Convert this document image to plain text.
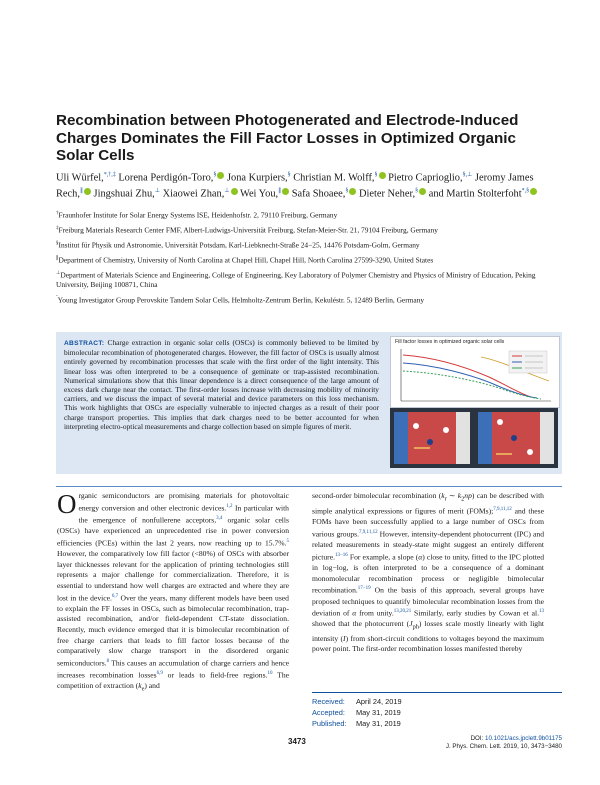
Recombination between Photogenerated and Electrode-Induced Charges Dominates the Fill Factor Losses in Optimized Organic Solar Cells

Uli Würfel,*,†,‡ Lorena Perdigón-Toro,§ Jona Kurpiers,§ Christian M. Wolff,§ Pietro Caprioglio,§,⊥ Jeromy James Rech,∥ Jingshuai Zhu,⊥ Xiaowei Zhan,⊥ Wei You,∥ Safa Shoaee,§ Dieter Neher,§ and Martin Stolterfoht*,§

†Fraunhofer Institute for Solar Energy Systems ISE, Heidenhofstr. 2, 79110 Freiburg, Germany
‡Freiburg Materials Research Center FMF, Albert-Ludwigs-Universität Freiburg, Stefan-Meier-Str. 21, 79104 Freiburg, Germany
§Institut für Physik und Astronomie, Universität Potsdam, Karl-Liebknecht-Straße 24−25, 14476 Potsdam-Golm, Germany
∥Department of Chemistry, University of North Carolina at Chapel Hill, Chapel Hill, North Carolina 27599-3290, United States
⊥Department of Materials Science and Engineering, College of Engineering, Key Laboratory of Polymer Chemistry and Physics of Ministry of Education, Peking University, Beijing 100871, China
$^ˆ$Young Investigator Group Perovskite Tandem Solar Cells, Helmholtz-Zentrum Berlin, Kekuléstr. 5, 12489 Berlin, Germany

ABSTRACT: Charge extraction in organic solar cells (OSCs) is commonly believed to be limited by bimolecular recombination of photogenerated charges. However, the fill factor of OSCs is usually almost entirely governed by recombination processes that scale with the first order of the light intensity. This linear loss was often interpreted to be a consequence of geminate or trap-assisted recombination. Numerical simulations show that this linear dependence is a direct consequence of the large amount of excess dark charge near the contact. The first-order losses increase with decreasing mobility of minority carriers, and we discuss the impact of several material and device parameters on this loss mechanism. This work highlights that OSCs are especially vulnerable to injected charges as a result of their poor charge transport properties. This implies that dark charges need to be better accounted for when interpreting electro-optical measurements and charge collection based on simple figures of merit.

Fill factor losses in optimized organic solar cells

Organic semiconductors are promising materials for photovoltaic energy conversion and other electronic devices.$^{1,2}$ In particular with the emergence of nonfullerene acceptors,$^{3,4}$ organic solar cells (OSCs) have experienced an unprecedented rise in power conversion efficiencies (PCEs) within the last 2 years, now reaching up to 15.7%.$^5$ However, the comparatively low fill factor (<80%) of OSCs with absorber layer thicknesses relevant for the application of printing technologies still represents a major challenge for commercialization. Therefore, it is essential to understand how well charges are extracted and where they are lost in the device.$^{6,7}$ Over the years, many different models have been used to explain the FF losses in OSCs, such as bimolecular recombination, trap-assisted recombination, and/or field-dependent CT-state dissociation. Recently, much evidence emerged that it is bimolecular recombination of free charge carriers that leads to fill factor losses because of the comparatively slow charge transport in the disordered organic semiconductors.$^8$ This causes an accumulation of charge carriers and hence increases recombination losses$^{6,9}$ or leads to field-free regions.$^{10}$ The competition of extraction $(k_e)$ and

second-order bimolecular recombination ($k_r$ ∼ $k_2np$) can be described with simple analytical expressions or figures of merit (FOMs);$^{7,9,11,12}$ and these FOMs have been successfully applied to a large number of OSCs from various groups.$^{7,9,11,12}$ However, intensity-dependent photocurrent (IPC) and related measurements in steady-state might suggest an entirely different picture.$^{13-16}$ For example, a slope (α) close to unity, fitted to the IPC plotted in log−log, is often interpreted to be a consequence of a dominant monomolecular recombination process or negligible bimolecular recombination.$^{17-19}$ On the basis of this approach, several groups have proposed techniques to quantify bimolecular recombination losses from the deviation of α from unity.$^{13,20,21}$ Similarly, early studies by Cowan et al.$^{13}$ showed that the photocurrent $(J_{ph})$ losses scale mostly linearly with light intensity (I) from short-circuit conditions to voltages beyond the maximum power point. The first-order recombination losses manifested thereby

Received: April 24, 2019
Accepted: May 31, 2019
Published: May 31, 2019
3473	DOI: 10.1021/acs.jpclett.9b01175
J. Phys. Chem. Lett. 2019, 10, 3473−3480
